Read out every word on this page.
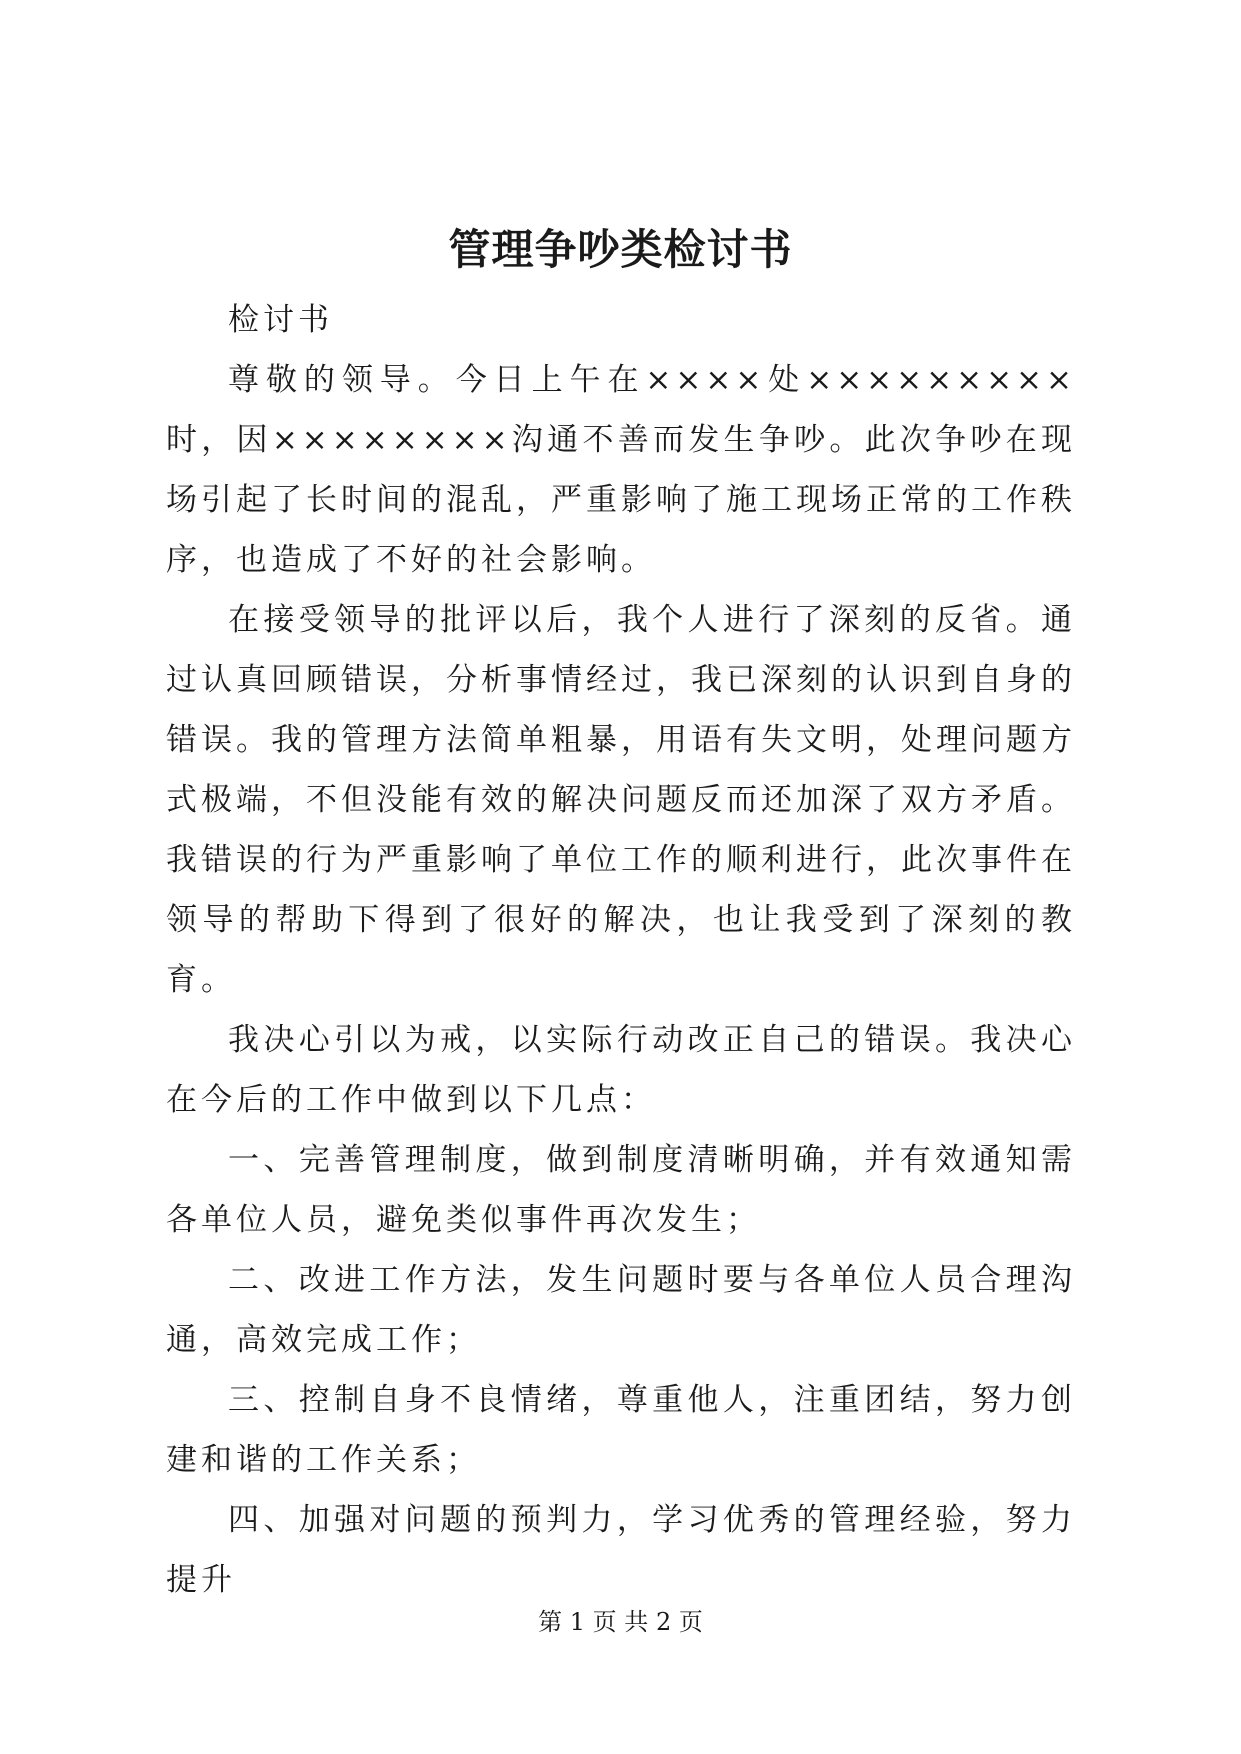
管理争吵类检讨书

检讨书

尊敬的领导。今日上午在××××处×××××××××时，因××××××××沟通不善而发生争吵。此次争吵在现场引起了长时间的混乱，严重影响了施工现场正常的工作秩序，也造成了不好的社会影响。

在接受领导的批评以后，我个人进行了深刻的反省。通过认真回顾错误，分析事情经过，我已深刻的认识到自身的错误。我的管理方法简单粗暴，用语有失文明，处理问题方式极端，不但没能有效的解决问题反而还加深了双方矛盾。我错误的行为严重影响了单位工作的顺利进行，此次事件在领导的帮助下得到了很好的解决，也让我受到了深刻的教育。

我决心引以为戒，以实际行动改正自己的错误。我决心在今后的工作中做到以下几点：

一、完善管理制度，做到制度清晰明确，并有效通知需各单位人员，避免类似事件再次发生；

二、改进工作方法，发生问题时要与各单位人员合理沟通，高效完成工作；

三、控制自身不良情绪，尊重他人，注重团结，努力创建和谐的工作关系；

四、加强对问题的预判力，学习优秀的管理经验，努力提升

第 1 页 共 2 页
